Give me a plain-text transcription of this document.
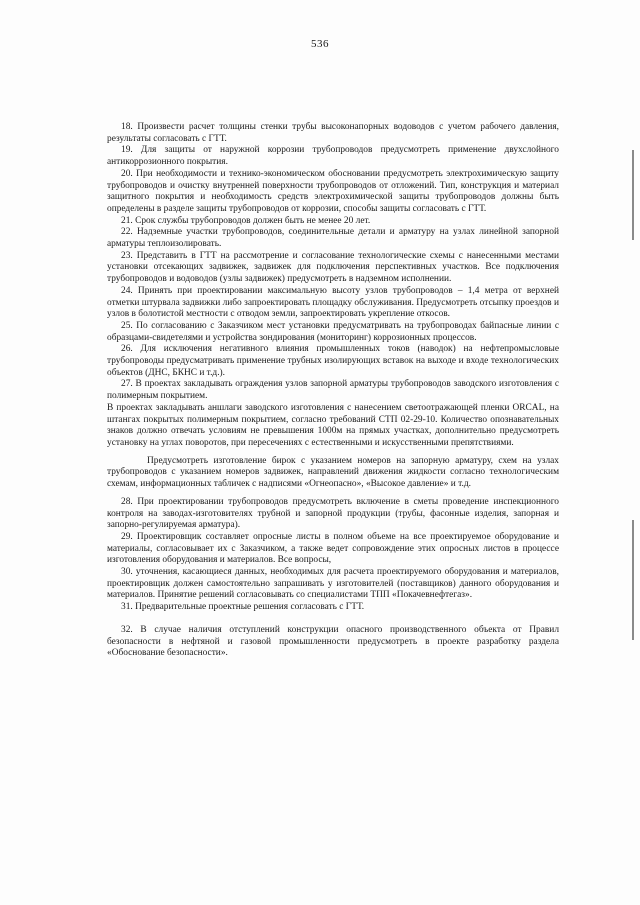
536

18. Произвести расчет толщины стенки трубы высоконапорных водоводов с учетом рабочего давления, результаты согласовать с ГТТ.

19. Для защиты от наружной коррозии трубопроводов предусмотреть применение двухслойного антикоррозионного покрытия.

20. При необходимости и технико-экономическом обосновании предусмотреть электрохимическую защиту трубопроводов и очистку внутренней поверхности трубопроводов от отложений. Тип, конструкция и материал защитного покрытия и необходимость средств электрохимической защиты трубопроводов должны быть определены в разделе защиты трубопроводов от коррозии, способы защиты согласовать с ГТТ.

21. Срок службы трубопроводов должен быть не менее 20 лет.

22. Надземные участки трубопроводов, соединительные детали и арматуру на узлах линейной запорной арматуры теплоизолировать.

23. Представить в ГТТ на рассмотрение и согласование технологические схемы с нанесенными местами установки отсекающих задвижек, задвижек для подключения перспективных участков. Все подключения трубопроводов и водоводов (узлы задвижек) предусмотреть в надземном исполнении.

24. Принять при проектировании максимальную высоту узлов трубопроводов – 1,4 метра от верхней отметки штурвала задвижки либо запроектировать площадку обслуживания. Предусмотреть отсыпку проездов и узлов в болотистой местности с отводом земли, запроектировать укрепление откосов.

25. По согласованию с Заказчиком мест установки предусматривать на трубопроводах байпасные линии с образцами-свидетелями и устройства зондирования (мониторинг) коррозионных процессов.

26. Для исключения негативного влияния промышленных токов (наводок) на нефтепромысловые трубопроводы предусматривать применение трубных изолирующих вставок на выходе и входе технологических объектов (ДНС, БКНС и т.д.).

27. В проектах закладывать ограждения узлов запорной арматуры трубопроводов заводского изготовления с полимерным покрытием.

В проектах закладывать аншлаги заводского изготовления с нанесением светоотражающей пленки ORCAL, на штангах покрытых полимерным покрытием, согласно требований СТП 02-29-10. Количество опознавательных знаков должно отвечать условиям не превышения 1000м на прямых участках, дополнительно предусмотреть установку на углах поворотов, при пересечениях с естественными и искусственными препятствиями.

Предусмотреть изготовление бирок с указанием номеров на запорную арматуру, схем на узлах трубопроводов с указанием номеров задвижек, направлений движения жидкости согласно технологическим схемам, информационных табличек с надписями «Огнеопасно», «Высокое давление» и т.д.

28. При проектировании трубопроводов предусмотреть включение в сметы проведение инспекционного контроля на заводах-изготовителях трубной и запорной продукции (трубы, фасонные изделия, запорная и запорно-регулируемая арматура).

29. Проектировщик составляет опросные листы в полном объеме на все проектируемое оборудование и материалы, согласовывает их с Заказчиком, а также ведет сопровождение этих опросных листов в процессе изготовления оборудования и материалов. Все вопросы,

30. уточнения, касающиеся данных, необходимых для расчета проектируемого оборудования и материалов, проектировщик должен самостоятельно запрашивать у изготовителей (поставщиков) данного оборудования и материалов. Принятие решений согласовывать со специалистами ТПП «Покачевнефтегаз».

31. Предварительные проектные решения согласовать с ГТТ.

32. В случае наличия отступлений конструкции опасного производственного объекта от Правил безопасности в нефтяной и газовой промышленности предусмотреть в проекте разработку раздела «Обоснование безопасности».
